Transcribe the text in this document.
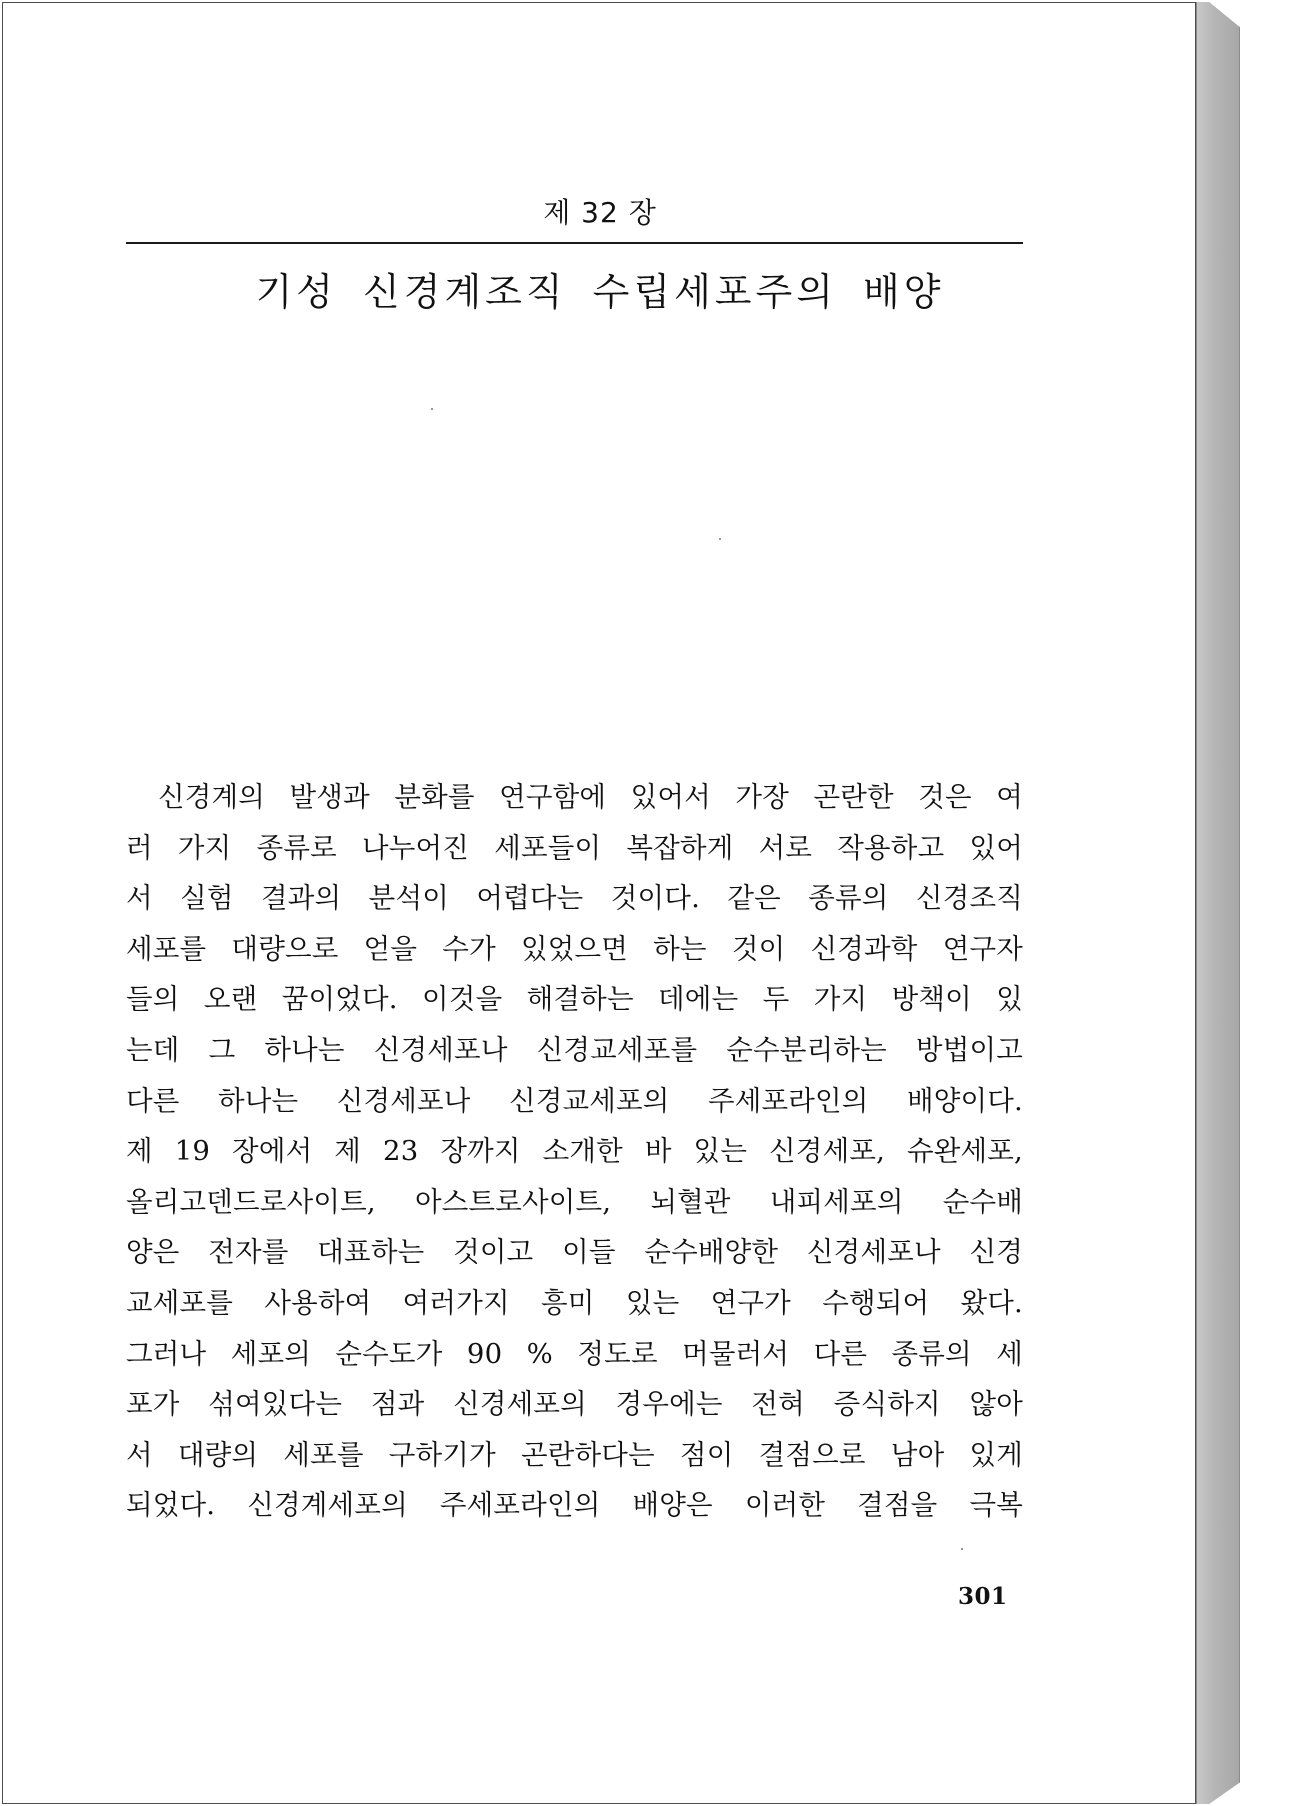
제 32 장
기성 신경계조직 수립세포주의 배양
신경계의 발생과 분화를 연구함에 있어서 가장 곤란한 것은 여
러 가지 종류로 나누어진 세포들이 복잡하게 서로 작용하고 있어
서 실험 결과의 분석이 어렵다는 것이다. 같은 종류의 신경조직
세포를 대량으로 얻을 수가 있었으면 하는 것이 신경과학 연구자
들의 오랜 꿈이었다. 이것을 해결하는 데에는 두 가지 방책이 있
는데 그 하나는 신경세포나 신경교세포를 순수분리하는 방법이고
다른 하나는 신경세포나 신경교세포의 주세포라인의 배양이다.
제 19 장에서 제 23 장까지 소개한 바 있는 신경세포, 슈완세포,
올리고덴드로사이트, 아스트로사이트, 뇌혈관 내피세포의 순수배
양은 전자를 대표하는 것이고 이들 순수배양한 신경세포나 신경
교세포를 사용하여 여러가지 흥미 있는 연구가 수행되어 왔다.
그러나 세포의 순수도가 90 % 정도로 머물러서 다른 종류의 세
포가 섞여있다는 점과 신경세포의 경우에는 전혀 증식하지 않아
서 대량의 세포를 구하기가 곤란하다는 점이 결점으로 남아 있게
되었다. 신경계세포의 주세포라인의 배양은 이러한 결점을 극복
301
